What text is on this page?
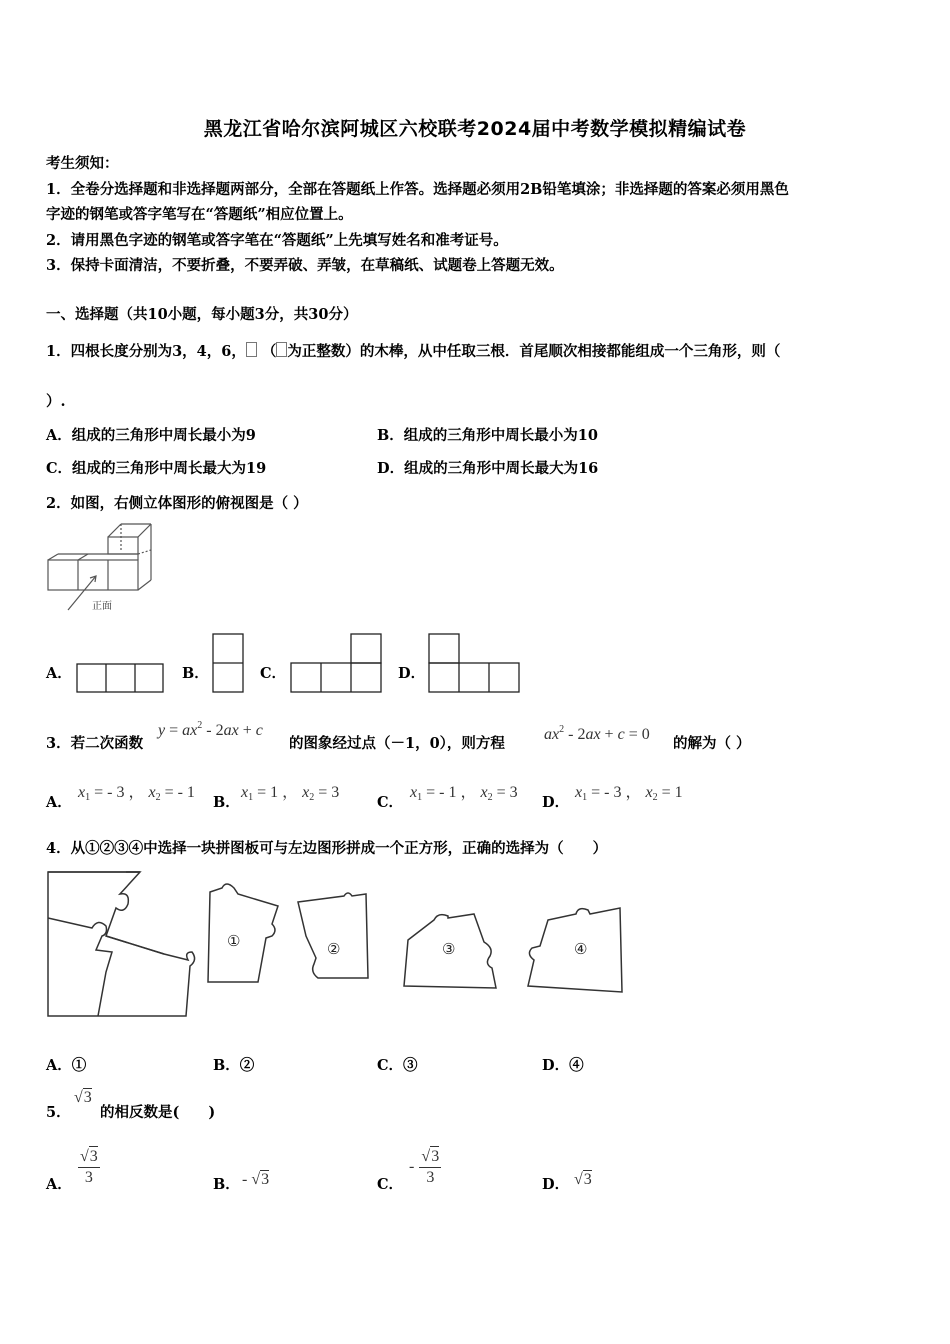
黑龙江省哈尔滨阿城区六校联考2024届中考数学模拟精编试卷
考生须知：
1．全卷分选择题和非选择题两部分，全部在答题纸上作答。选择题必须用2B铅笔填涂；非选择题的答案必须用黑色
字迹的钢笔或答字笔写在“答题纸”相应位置上。
2．请用黑色字迹的钢笔或答字笔在“答题纸”上先填写姓名和准考证号。
3．保持卡面清洁，不要折叠，不要弄破、弄皱，在草稿纸、试题卷上答题无效。
一、选择题（共10小题，每小题3分，共30分）
1．四根长度分别为3，4，6， （ 为正整数）的木棒，从中任取三根．首尾顺次相接都能组成一个三角形，则（
）.
A．组成的三角形中周长最小为9	B．组成的三角形中周长最小为10
C．组成的三角形中周长最大为19	D．组成的三角形中周长最大为16
2．如图，右侧立体图形的俯视图是（ ）
正面
A．	B．	C．	D．
3．若二次函数
$y = ax^2 - 2ax + c$
的图象经过点（－1，0），则方程
$ax^2 - 2ax + c = 0$
的解为（ ）
A．
$x_1$ = - 3 ， $x_2$ = - 1
B．
$x_1 = 1$ ， $x_2 = 3$
C．
$x_1$ = - 1 ， $x_2 = 3$
D．
$x_1$ = - 3 ， $x_2 = 1$
4．从①②③④中选择一块拼图板可与左边图形拼成一个正方形，正确的选择为（　　）
①	②	③	④
A．①	B．②	C．③	D．④
5．
√3
的相反数是(　　)
A． $\frac{√3}{3}$	B． - √3	C．
- $\frac{√3}{3}$	D． √3
